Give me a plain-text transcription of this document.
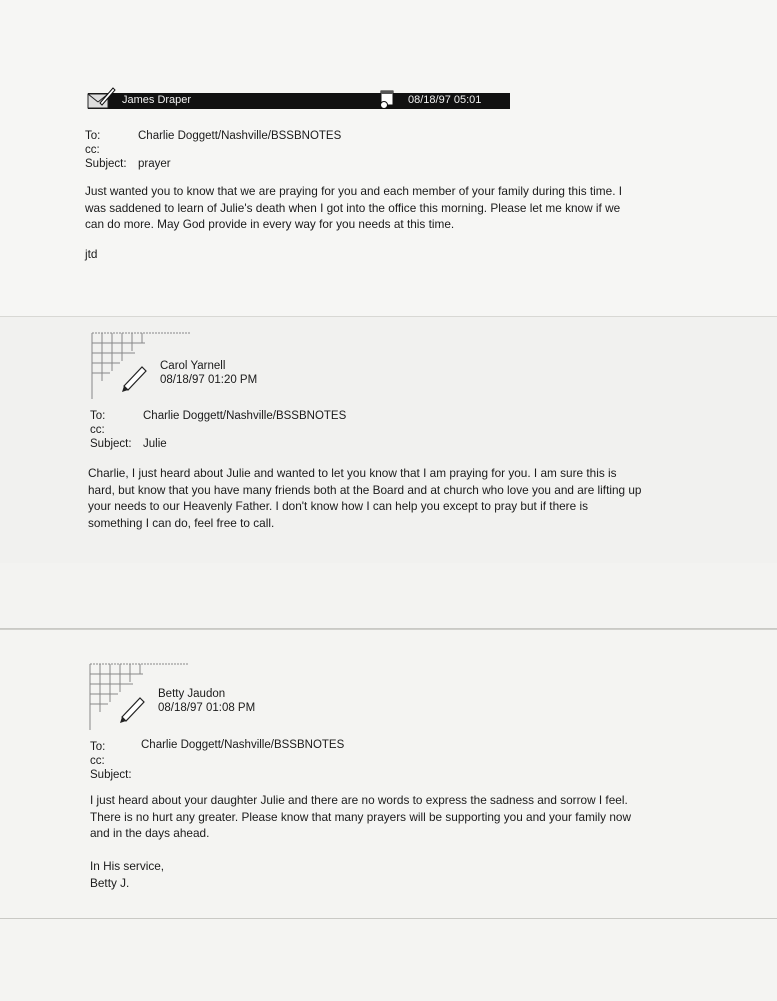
James Draper	08/18/97 05:01
To:	Charlie Doggett/Nashville/BSSBNOTES
cc:
Subject: prayer
Just wanted you to know that we are praying for you and each member of your family during this time. I
was saddened to learn of Julie's death when I got into the office this morning. Please let me know if we
can do more. May God provide in every way for you needs at this time.
jtd
Carol Yarnell
08/18/97 01:20 PM
To:	Charlie Doggett/Nashville/BSSBNOTES
cc:
Subject: Julie
Charlie, I just heard about Julie and wanted to let you know that I am praying for you. I am sure this is
hard, but know that you have many friends both at the Board and at church who love you and are lifting up
your needs to our Heavenly Father. I don't know how I can help you except to pray but if there is
something I can do, feel free to call.
Betty Jaudon
08/18/97 01:08 PM
To:	Charlie Doggett/Nashville/BSSBNOTES
cc:
Subject:
I just heard about your daughter Julie and there are no words to express the sadness and sorrow I feel.
There is no hurt any greater. Please know that many prayers will be supporting you and your family now
and in the days ahead.
In His service,
Betty J.
